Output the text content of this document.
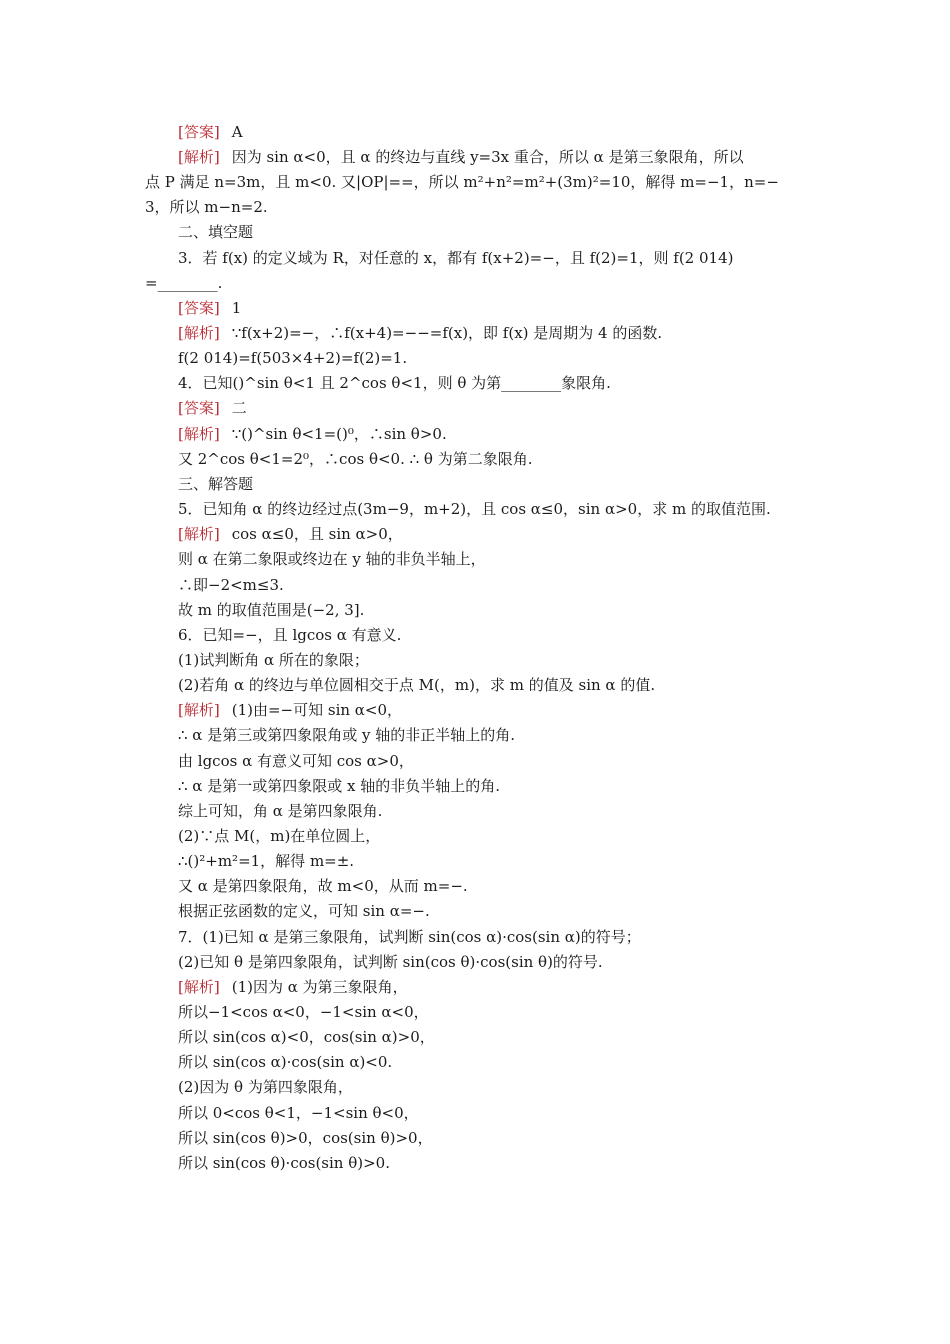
[答案] A
[解析] 因为 sin α<0，且 α 的终边与直线 y=3x 重合，所以 α 是第三象限角，所以
点 P 满足 n=3m，且 m<0. 又|OP|==，所以 m²+n²=m²+(3m)²=10，解得 m=−1，n=−
3，所以 m−n=2.
二、填空题
3．若 f(x) 的定义域为 R，对任意的 x，都有 f(x+2)=−，且 f(2)=1，则 f(2 014)
=________.
[答案] 1
[解析] ∵f(x+2)=−，∴f(x+4)=−−=f(x)，即 f(x) 是周期为 4 的函数.
f(2 014)=f(503×4+2)=f(2)=1.
4．已知()^sin θ<1 且 2^cos θ<1，则 θ 为第________象限角.
[答案] 二
[解析] ∵()^sin θ<1=()⁰，∴sin θ>0.
又 2^cos θ<1=2⁰，∴cos θ<0. ∴ θ 为第二象限角.
三、解答题
5．已知角 α 的终边经过点(3m−9，m+2)，且 cos α≤0，sin α>0，求 m 的取值范围.
[解析] cos α≤0，且 sin α>0，
则 α 在第二象限或终边在 y 轴的非负半轴上，
∴即−2<m≤3.
故 m 的取值范围是(−2, 3].
6．已知=−，且 lgcos α 有意义.
(1)试判断角 α 所在的象限；
(2)若角 α 的终边与单位圆相交于点 M(，m)，求 m 的值及 sin α 的值.
[解析] (1)由=−可知 sin α<0，
∴ α 是第三或第四象限角或 y 轴的非正半轴上的角.
由 lgcos α 有意义可知 cos α>0，
∴ α 是第一或第四象限或 x 轴的非负半轴上的角.
综上可知，角 α 是第四象限角.
(2)∵点 M(，m)在单位圆上，
∴()²+m²=1，解得 m=±.
又 α 是第四象限角，故 m<0，从而 m=−.
根据正弦函数的定义，可知 sin α=−.
7．(1)已知 α 是第三象限角，试判断 sin(cos α)·cos(sin α)的符号；
(2)已知 θ 是第四象限角，试判断 sin(cos θ)·cos(sin θ)的符号.
[解析] (1)因为 α 为第三象限角，
所以−1<cos α<0，−1<sin α<0，
所以 sin(cos α)<0，cos(sin α)>0，
所以 sin(cos α)·cos(sin α)<0.
(2)因为 θ 为第四象限角，
所以 0<cos θ<1，−1<sin θ<0，
所以 sin(cos θ)>0，cos(sin θ)>0，
所以 sin(cos θ)·cos(sin θ)>0.
